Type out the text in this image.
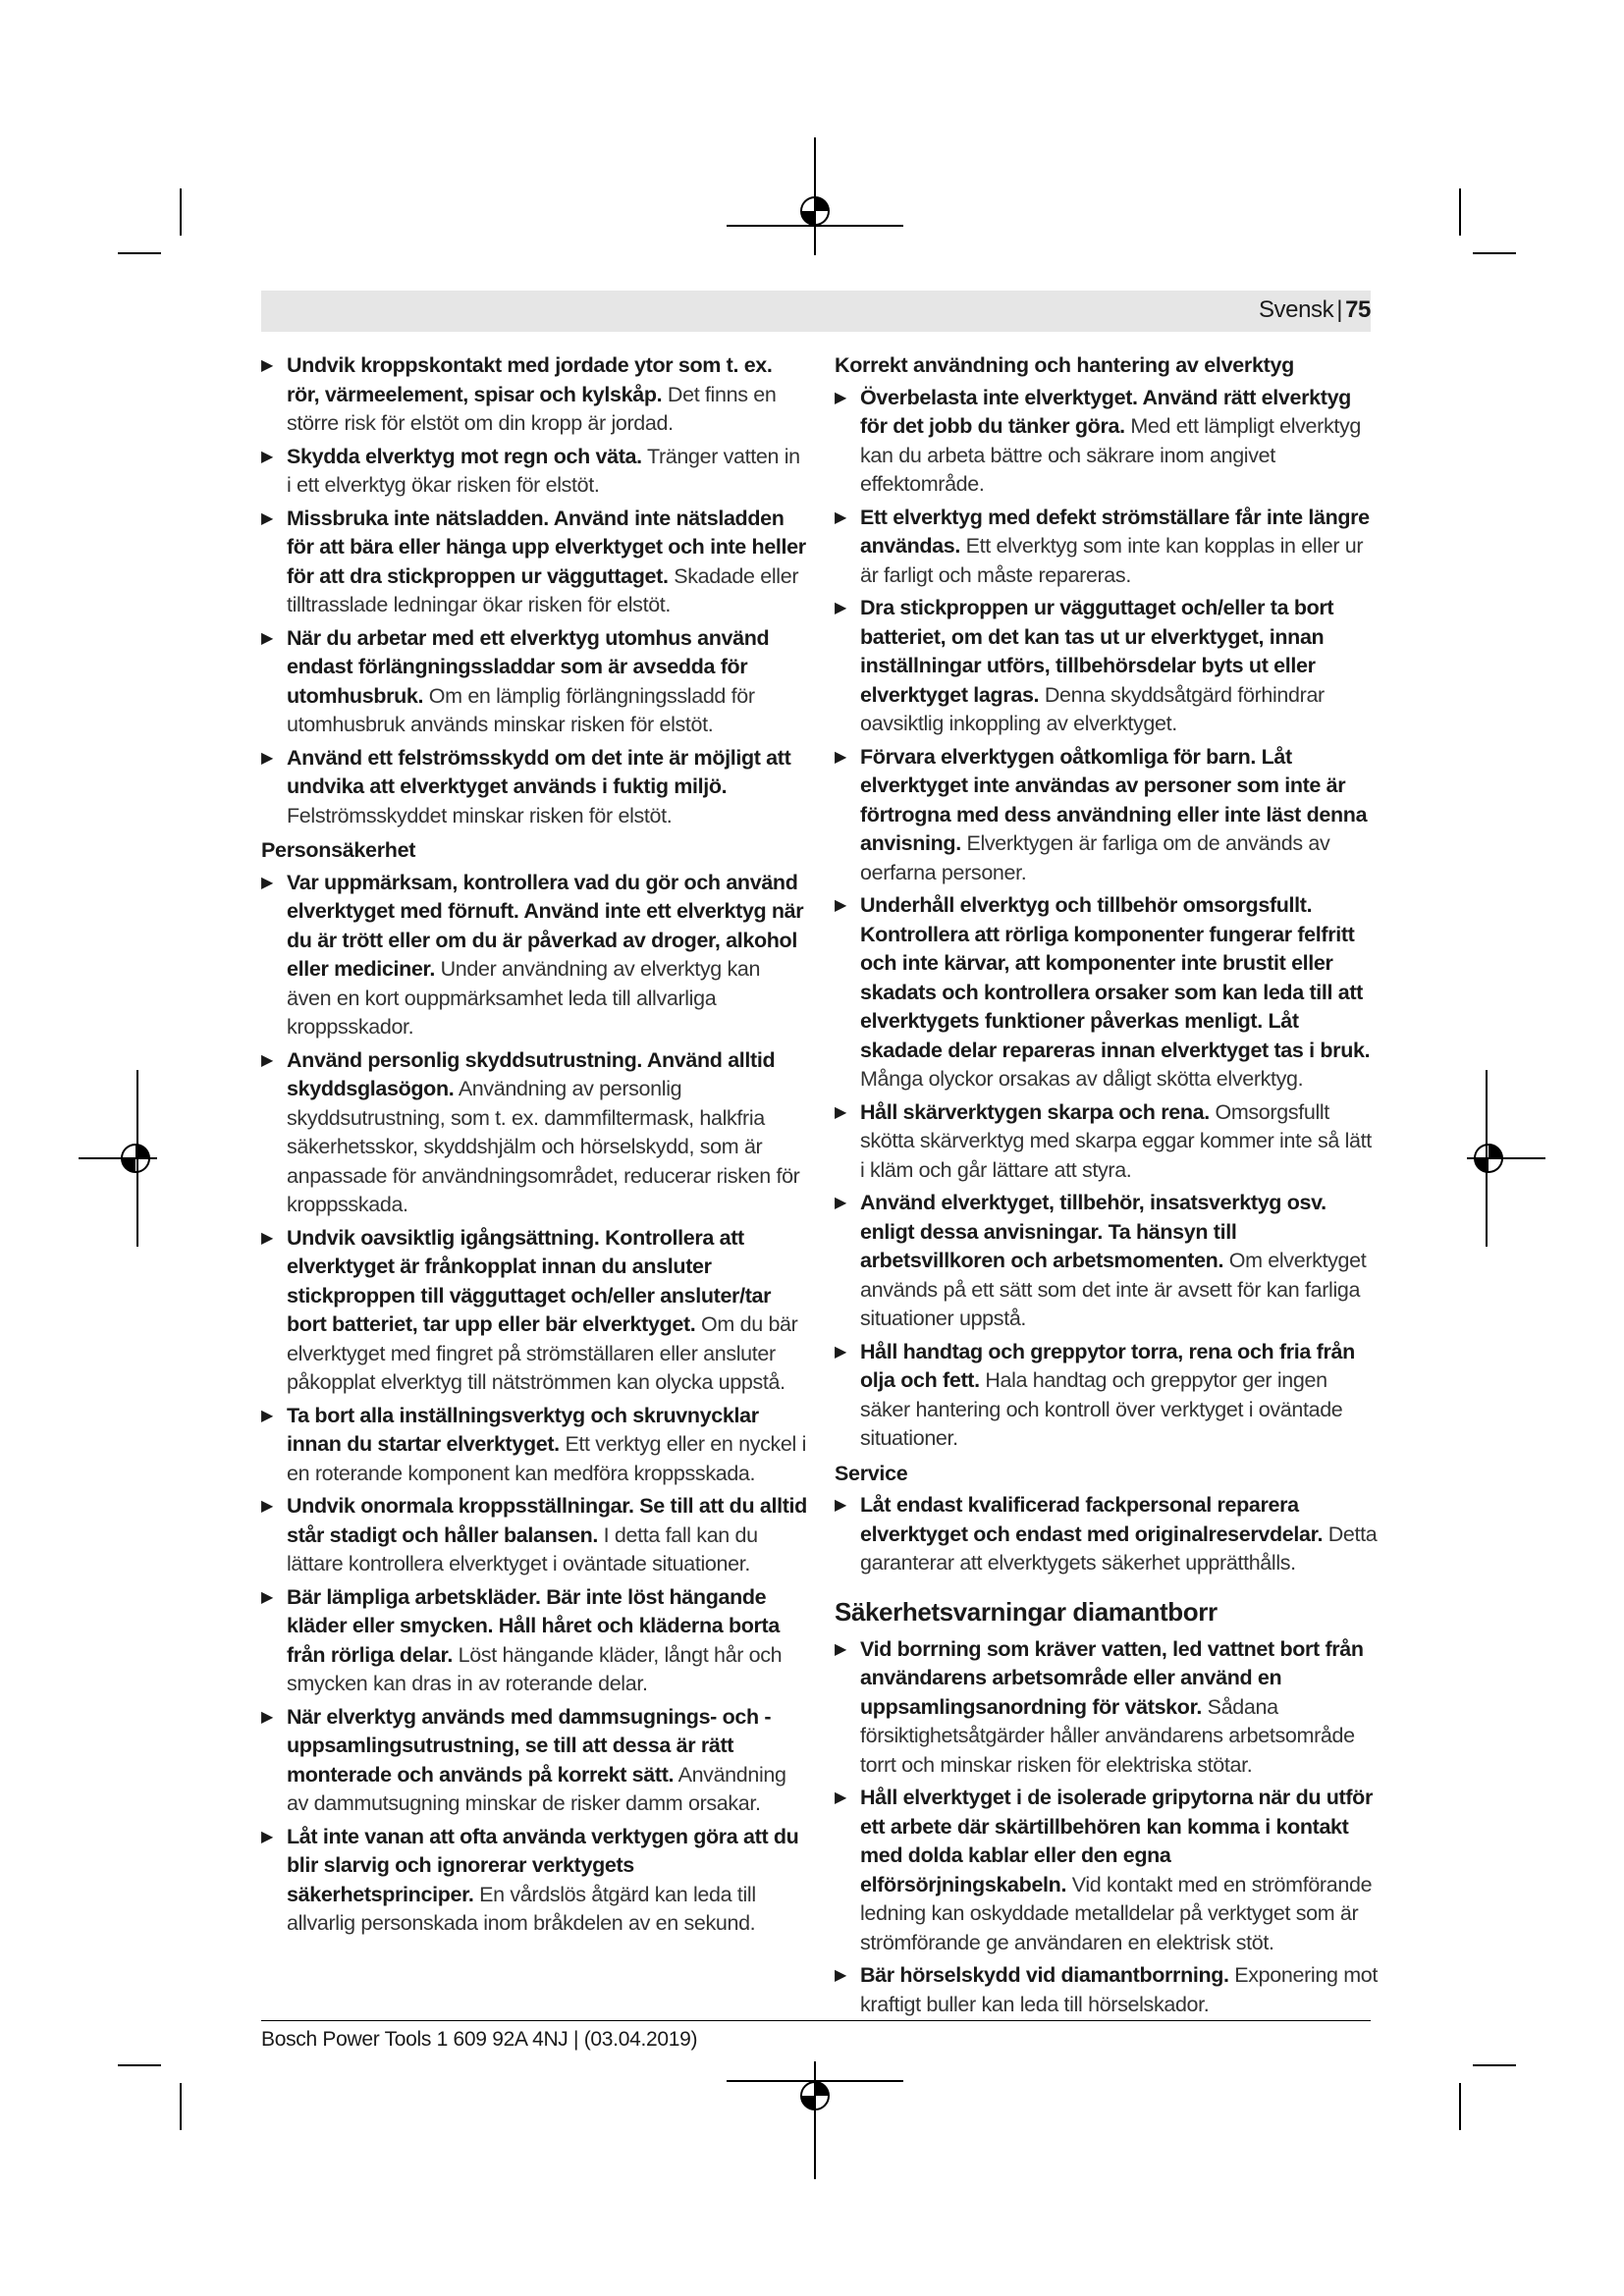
Svensk | 75
▶ Undvik kroppskontakt med jordade ytor som t. ex. rör, värmeelement, spisar och kylskåp. Det finns en större risk för elstöt om din kropp är jordad.
▶ Skydda elverktyg mot regn och väta. Tränger vatten in i ett elverktyg ökar risken för elstöt.
▶ Missbruka inte nätsladden. Använd inte nätsladden för att bära eller hänga upp elverktyget och inte heller för att dra stickproppen ur vägguttaget. Skadade eller tilltrasslade ledningar ökar risken för elstöt.
▶ När du arbetar med ett elverktyg utomhus använd endast förlängningssladdar som är avsedda för utomhusbruk. Om en lämplig förlängningssladd för utomhusbruk används minskar risken för elstöt.
▶ Använd ett felströmsskydd om det inte är möjligt att undvika att elverktyget används i fuktig miljö. Felströmsskyddet minskar risken för elstöt.
Personsäkerhet
▶ Var uppmärksam, kontrollera vad du gör och använd elverktyget med förnuft. Använd inte ett elverktyg när du är trött eller om du är påverkad av droger, alkohol eller mediciner. Under användning av elverktyg kan även en kort ouppmärksamhet leda till allvarliga kroppsskador.
▶ Använd personlig skyddsutrustning. Använd alltid skyddsglasögon. Användning av personlig skyddsutrustning, som t. ex. dammfiltermask, halkfria säkerhetsskor, skyddshjälm och hörselskydd, som är anpassade för användningsområdet, reducerar risken för kroppsskada.
▶ Undvik oavsiktlig igångsättning. Kontrollera att elverktyget är frånkopplat innan du ansluter stickproppen till vägguttaget och/eller ansluter/tar bort batteriet, tar upp eller bär elverktyget. Om du bär elverktyget med fingret på strömställaren eller ansluter påkopplat elverktyg till nätströmmen kan olycka uppstå.
▶ Ta bort alla inställningsverktyg och skruvnycklar innan du startar elverktyget. Ett verktyg eller en nyckel i en roterande komponent kan medföra kroppsskada.
▶ Undvik onormala kroppsställningar. Se till att du alltid står stadigt och håller balansen. I detta fall kan du lättare kontrollera elverktyget i oväntade situationer.
▶ Bär lämpliga arbetskläder. Bär inte löst hängande kläder eller smycken. Håll håret och kläderna borta från rörliga delar. Löst hängande kläder, långt hår och smycken kan dras in av roterande delar.
▶ När elverktyg används med dammsugnings- och -uppsamlingsutrustning, se till att dessa är rätt monterade och används på korrekt sätt. Användning av dammutsugning minskar de risker damm orsakar.
▶ Låt inte vanan att ofta använda verktygen göra att du blir slarvig och ignorerar verktygets säkerhetsprinciper. En vårdslös åtgärd kan leda till allvarlig personskada inom bråkdelen av en sekund.
Korrekt användning och hantering av elverktyg
▶ Överbelasta inte elverktyget. Använd rätt elverktyg för det jobb du tänker göra. Med ett lämpligt elverktyg kan du arbeta bättre och säkrare inom angivet effektområde.
▶ Ett elverktyg med defekt strömställare får inte längre användas. Ett elverktyg som inte kan kopplas in eller ur är farligt och måste repareras.
▶ Dra stickproppen ur vägguttaget och/eller ta bort batteriet, om det kan tas ut ur elverktyget, innan inställningar utförs, tillbehörsdelar byts ut eller elverktyget lagras. Denna skyddsåtgärd förhindrar oavsiktlig inkoppling av elverktyget.
▶ Förvara elverktygen oåtkomliga för barn. Låt elverktyget inte användas av personer som inte är förtrogna med dess användning eller inte läst denna anvisning. Elverktygen är farliga om de används av oerfarna personer.
▶ Underhåll elverktyg och tillbehör omsorgsfullt. Kontrollera att rörliga komponenter fungerar felfritt och inte kärvar, att komponenter inte brustit eller skadats och kontrollera orsaker som kan leda till att elverktygets funktioner påverkas menligt. Låt skadade delar repareras innan elverktyget tas i bruk. Många olyckor orsakas av dåligt skötta elverktyg.
▶ Håll skärverktygen skarpa och rena. Omsorgsfullt skötta skärverktyg med skarpa eggar kommer inte så lätt i kläm och går lättare att styra.
▶ Använd elverktyget, tillbehör, insatsverktyg osv. enligt dessa anvisningar. Ta hänsyn till arbetsvillkoren och arbetsmomenten. Om elverktyget används på ett sätt som det inte är avsett för kan farliga situationer uppstå.
▶ Håll handtag och greppytor torra, rena och fria från olja och fett. Hala handtag och greppytor ger ingen säker hantering och kontroll över verktyget i oväntade situationer.
Service
▶ Låt endast kvalificerad fackpersonal reparera elverktyget och endast med originalreservdelar. Detta garanterar att elverktygets säkerhet upprätthålls.
Säkerhetsvarningar diamantborr
▶ Vid borrning som kräver vatten, led vattnet bort från användarens arbetsområde eller använd en uppsamlingsanordning för vätskor. Sådana försiktighetsåtgärder håller användarens arbetsområde torrt och minskar risken för elektriska stötar.
▶ Håll elverktyget i de isolerade gripytorna när du utför ett arbete där skärtillbehören kan komma i kontakt med dolda kablar eller den egna elförsörjningskabeln. Vid kontakt med en strömförande ledning kan oskyddade metalldelar på verktyget som är strömförande ge användaren en elektrisk stöt.
▶ Bär hörselskydd vid diamantborrning. Exponering mot kraftigt buller kan leda till hörselskador.
Bosch Power Tools 1 609 92A 4NJ | (03.04.2019)
